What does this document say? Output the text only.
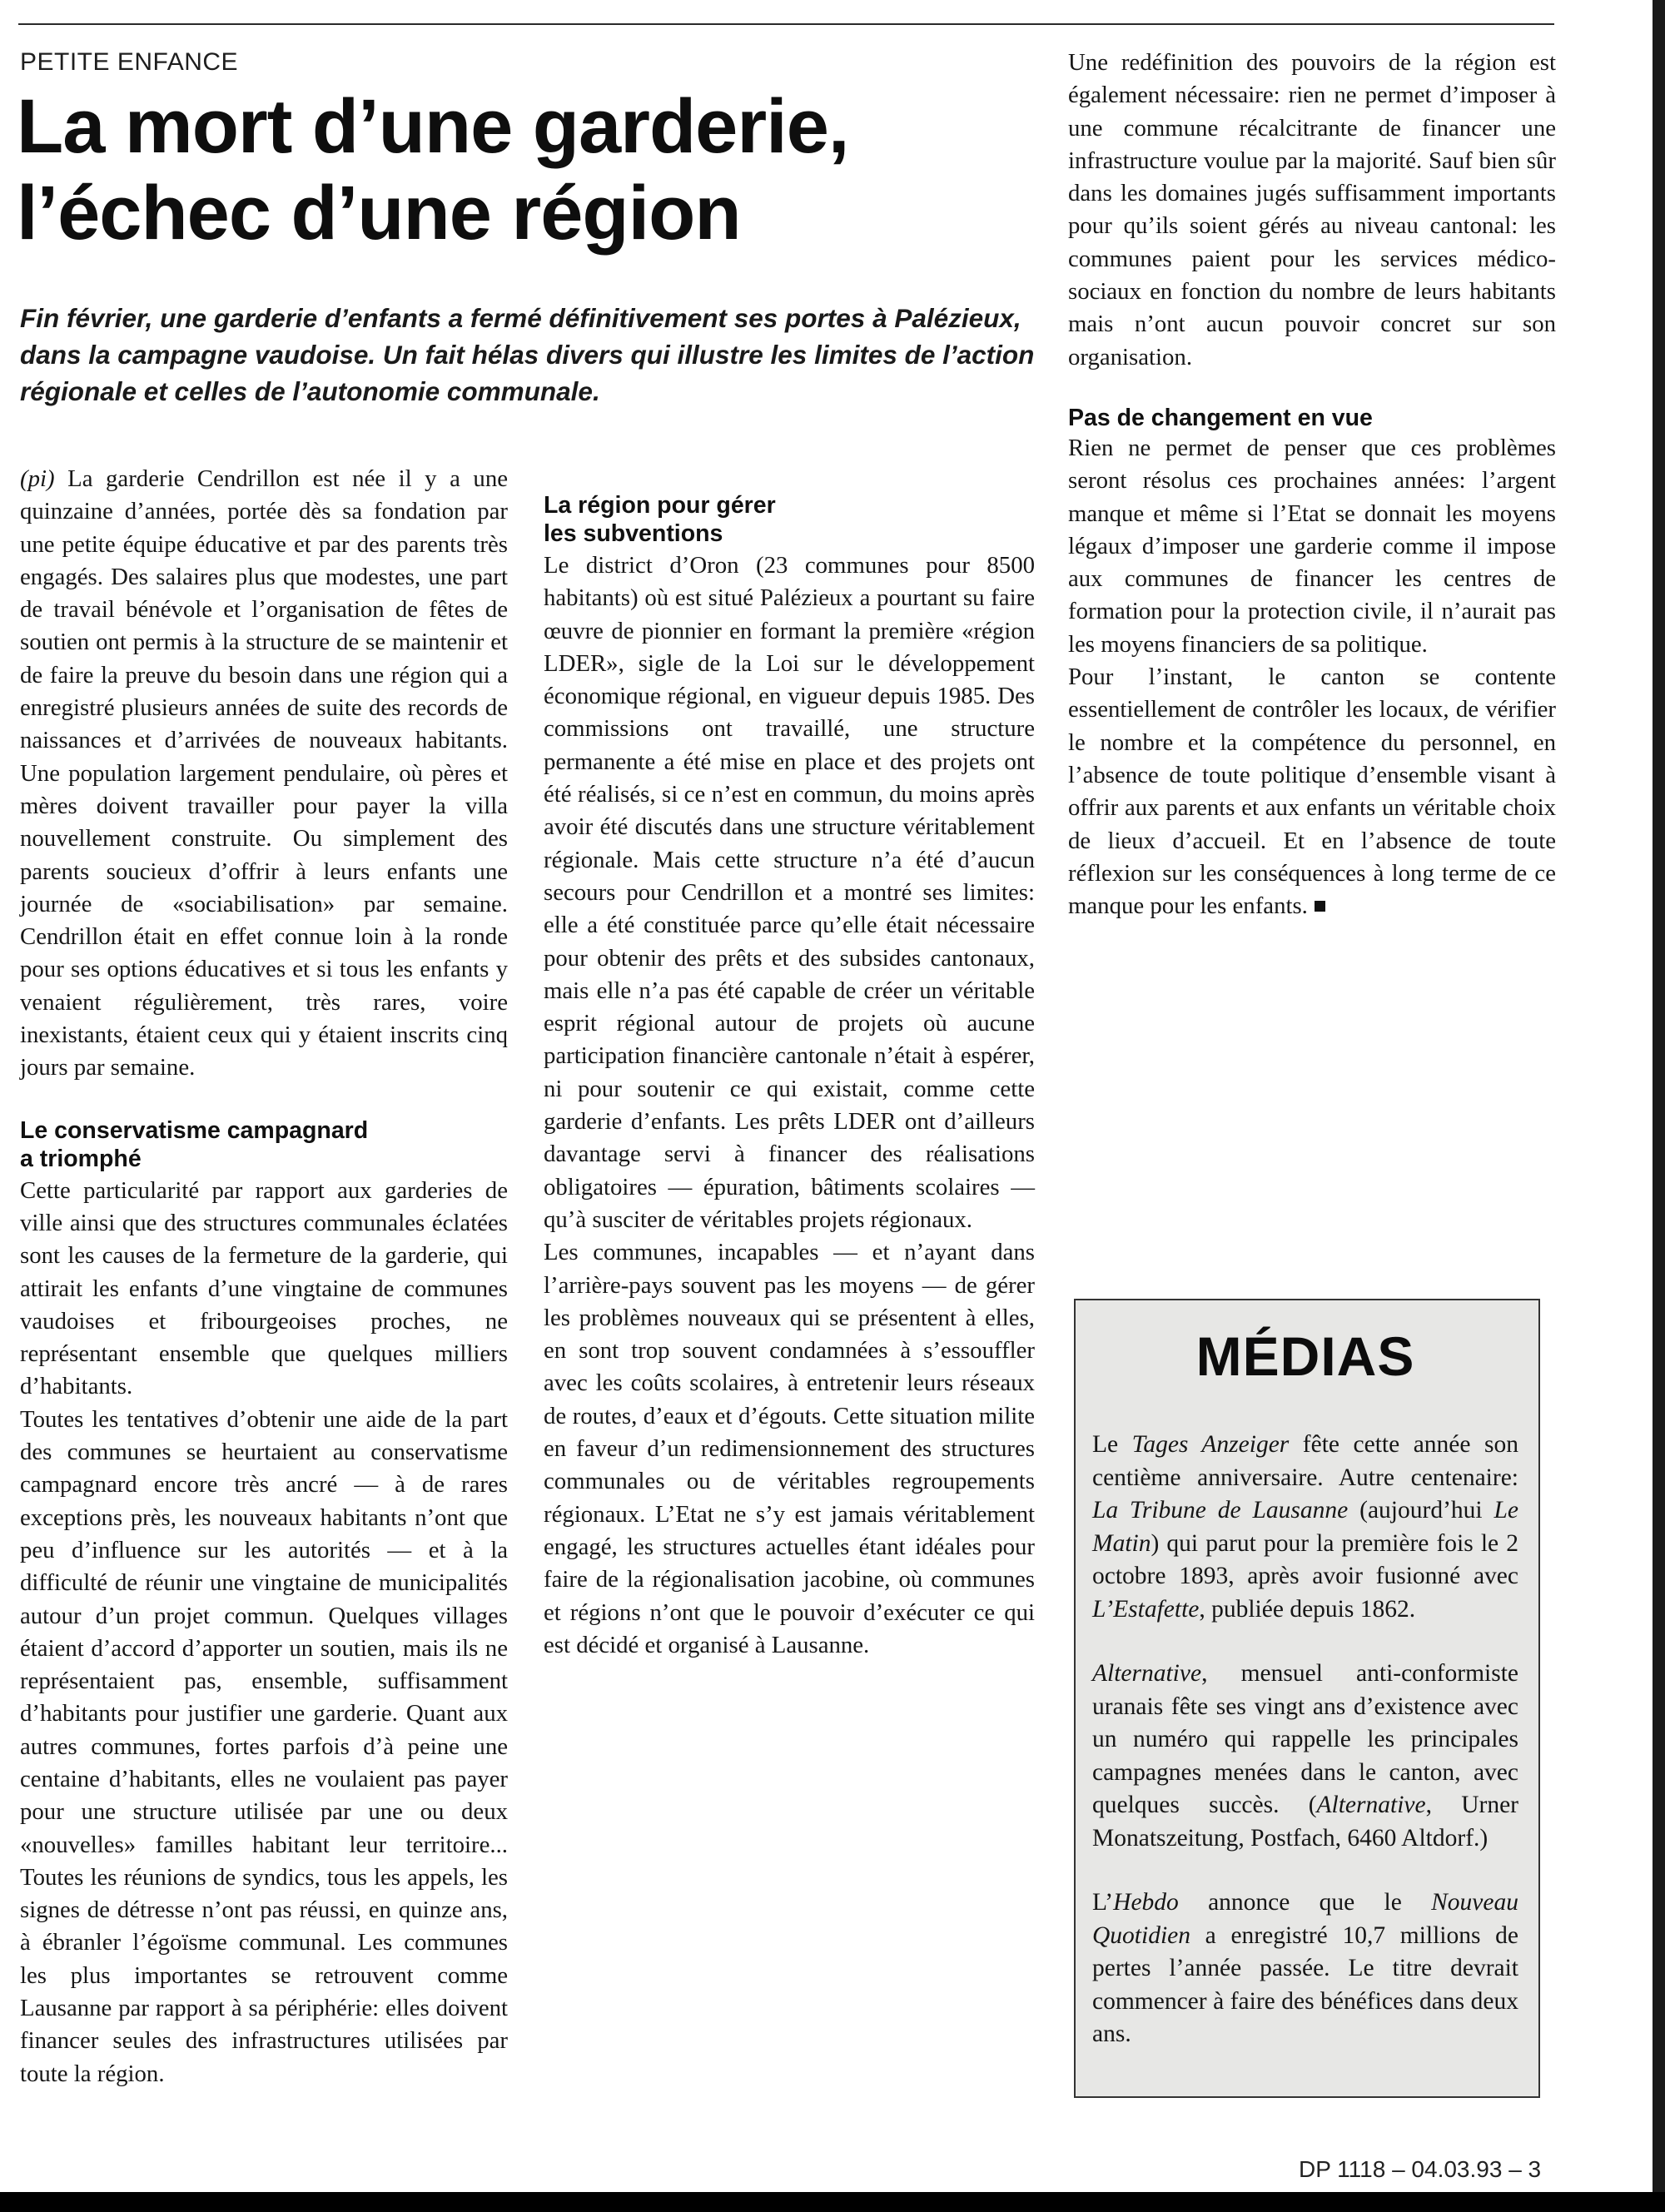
PETITE ENFANCE
La mort d’une garderie,
l’échec d’une région

Fin février, une garderie d’enfants a fermé définitivement ses portes à Palézieux, dans la campagne vaudoise. Un fait hélas divers qui illustre les limites de l’action régionale et celles de l’autonomie communale.

(pi) La garderie Cendrillon est née il y a une quinzaine d’années, portée dès sa fondation par une petite équipe éducative et par des parents très engagés. Des salaires plus que modestes, une part de travail bénévole et l’organisation de fêtes de soutien ont permis à la structure de se maintenir et de faire la preuve du besoin dans une région qui a enregistré plusieurs années de suite des records de naissances et d’arrivées de nouveaux habitants. Une population largement pendulaire, où pères et mères doivent travailler pour payer la villa nouvellement construite. Ou simplement des parents soucieux d’offrir à leurs enfants une journée de «sociabilisation» par semaine. Cendrillon était en effet connue loin à la ronde pour ses options éducatives et si tous les enfants y venaient régulièrement, très rares, voire inexistants, étaient ceux qui y étaient inscrits cinq jours par semaine.

Le conservatisme campagnard
a triomphé

Cette particularité par rapport aux garderies de ville ainsi que des structures communales éclatées sont les causes de la fermeture de la garderie, qui attirait les enfants d’une vingtaine de communes vaudoises et fribourgeoises proches, ne représentant ensemble que quelques milliers d’habitants.

Toutes les tentatives d’obtenir une aide de la part des communes se heurtaient au conservatisme campagnard encore très ancré — à de rares exceptions près, les nouveaux habitants n’ont que peu d’influence sur les autorités — et à la difficulté de réunir une vingtaine de municipalités autour d’un projet commun. Quelques villages étaient d’accord d’apporter un soutien, mais ils ne représentaient pas, ensemble, suffisamment d’habitants pour justifier une garderie. Quant aux autres communes, fortes parfois d’à peine une centaine d’habitants, elles ne voulaient pas payer pour une structure utilisée par une ou deux «nouvelles» familles habitant leur territoire... Toutes les réunions de syndics, tous les appels, les signes de détresse n’ont pas réussi, en quinze ans, à ébranler l’égoïsme communal. Les communes les plus importantes se retrouvent comme Lausanne par rapport à sa périphérie: elles doivent financer seules des infrastructures utilisées par toute la région.

La région pour gérer
les subventions

Le district d’Oron (23 communes pour 8500 habitants) où est situé Palézieux a pourtant su faire œuvre de pionnier en formant la première «région LDER», sigle de la Loi sur le développement économique régional, en vigueur depuis 1985. Des commissions ont travaillé, une structure permanente a été mise en place et des projets ont été réalisés, si ce n’est en commun, du moins après avoir été discutés dans une structure véritablement régionale. Mais cette structure n’a été d’aucun secours pour Cendrillon et a montré ses limites: elle a été constituée parce qu’elle était nécessaire pour obtenir des prêts et des subsides cantonaux, mais elle n’a pas été capable de créer un véritable esprit régional autour de projets où aucune participation financière cantonale n’était à espérer, ni pour soutenir ce qui existait, comme cette garderie d’enfants. Les prêts LDER ont d’ailleurs davantage servi à financer des réalisations obligatoires — épuration, bâtiments scolaires — qu’à susciter de véritables projets régionaux.

Les communes, incapables — et n’ayant dans l’arrière-pays souvent pas les moyens — de gérer les problèmes nouveaux qui se présentent à elles, en sont trop souvent condamnées à s’essouffler avec les coûts scolaires, à entretenir leurs réseaux de routes, d’eaux et d’égouts. Cette situation milite en faveur d’un redimensionnement des structures communales ou de véritables regroupements régionaux. L’Etat ne s’y est jamais véritablement engagé, les structures actuelles étant idéales pour faire de la régionalisation jacobine, où communes et régions n’ont que le pouvoir d’exécuter ce qui est décidé et organisé à Lausanne.

Une redéfinition des pouvoirs de la région est également nécessaire: rien ne permet d’imposer à une commune récalcitrante de financer une infrastructure voulue par la majorité. Sauf bien sûr dans les domaines jugés suffisamment importants pour qu’ils soient gérés au niveau cantonal: les communes paient pour les services médico-sociaux en fonction du nombre de leurs habitants mais n’ont aucun pouvoir concret sur son organisation.

Pas de changement en vue

Rien ne permet de penser que ces problèmes seront résolus ces prochaines années: l’argent manque et même si l’Etat se donnait les moyens légaux d’imposer une garderie comme il impose aux communes de financer les centres de formation pour la protection civile, il n’aurait pas les moyens financiers de sa politique.

Pour l’instant, le canton se contente essentiellement de contrôler les locaux, de vérifier le nombre et la compétence du personnel, en l’absence de toute politique d’ensemble visant à offrir aux parents et aux enfants un véritable choix de lieux d’accueil. Et en l’absence de toute réflexion sur les conséquences à long terme de ce manque pour les enfants.

MÉDIAS

Le Tages Anzeiger fête cette année son centième anniversaire. Autre centenaire: La Tribune de Lausanne (aujourd’hui Le Matin) qui parut pour la première fois le 2 octobre 1893, après avoir fusionné avec L’Estafette, publiée depuis 1862.

Alternative, mensuel anti-conformiste uranais fête ses vingt ans d’existence avec un numéro qui rappelle les principales campagnes menées dans le canton, avec quelques succès. (Alternative, Urner Monatszeitung, Postfach, 6460 Altdorf.)

L’Hebdo annonce que le Nouveau Quotidien a enregistré 10,7 millions de pertes l’année passée. Le titre devrait commencer à faire des bénéfices dans deux ans.

DP 1118 – 04.03.93 – 3
